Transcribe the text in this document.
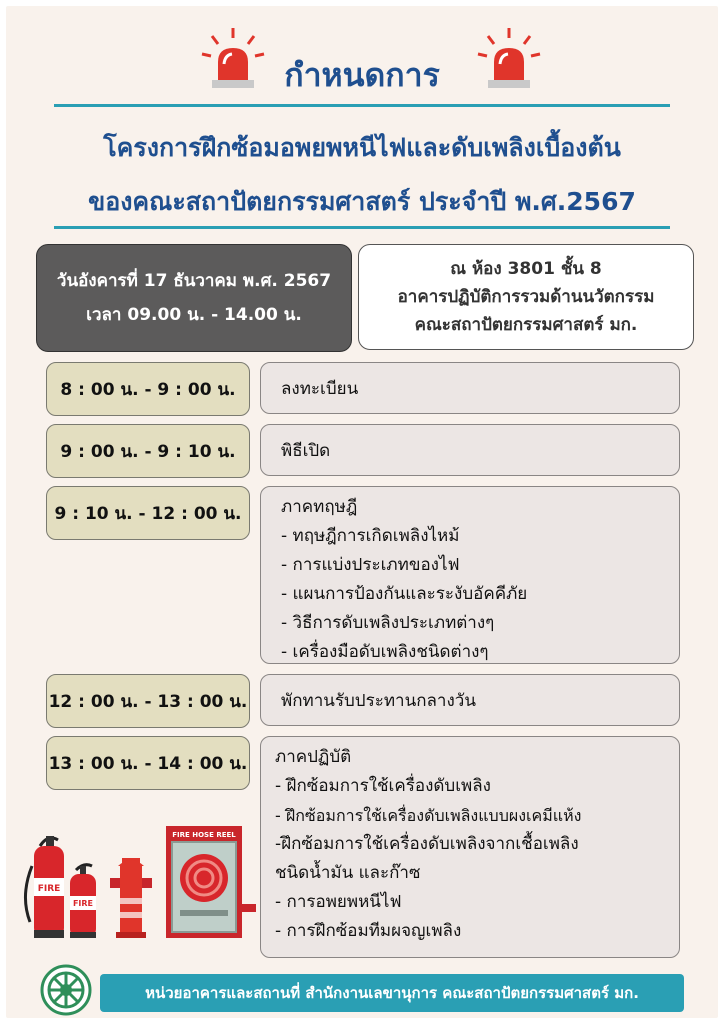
กำหนดการ
โครงการฝึกซ้อมอพยพหนีไฟและดับเพลิงเบื้องต้น
ของคณะสถาปัตยกรรมศาสตร์ ประจำปี พ.ศ.2567
วันอังคารที่ 17 ธันวาคม พ.ศ. 2567
เวลา 09.00 น. - 14.00 น.
ณ ห้อง 3801 ชั้น 8
อาคารปฏิบัติการรวมด้านนวัตกรรม
คณะสถาปัตยกรรมศาสตร์ มก.
8 : 00 น. - 9 : 00 น.	ลงทะเบียน
9 : 00 น. - 9 : 10 น.	พิธีเปิด
9 : 10 น. - 12 : 00 น.	ภาคทฤษฎี
- ทฤษฎีการเกิดเพลิงไหม้
- การแบ่งประเภทของไฟ
- แผนการป้องกันและระงับอัคคีภัย
- วิธีการดับเพลิงประเภทต่างๆ
- เครื่องมือดับเพลิงชนิดต่างๆ
12 : 00 น. - 13 : 00 น. พักทานรับประทานกลางวัน
13 : 00 น. - 14 : 00 น. ภาคปฏิบัติ
- ฝึกซ้อมการใช้เครื่องดับเพลิง
- ฝึกซ้อมการใช้เครื่องดับเพลิงแบบผงเคมีแห้ง
-ฝึกซ้อมการใช้เครื่องดับเพลิงจากเชื้อเพลิง
ชนิดน้ำมัน และก๊าซ
- การอพยพหนีไฟ
- การฝึกซ้อมทีมผจญเพลิง
FIRE
FIRE
FIRE HOSE REEL
หน่วยอาคารและสถานที่ สำนักงานเลขานุการ คณะสถาปัตยกรรมศาสตร์ มก.
